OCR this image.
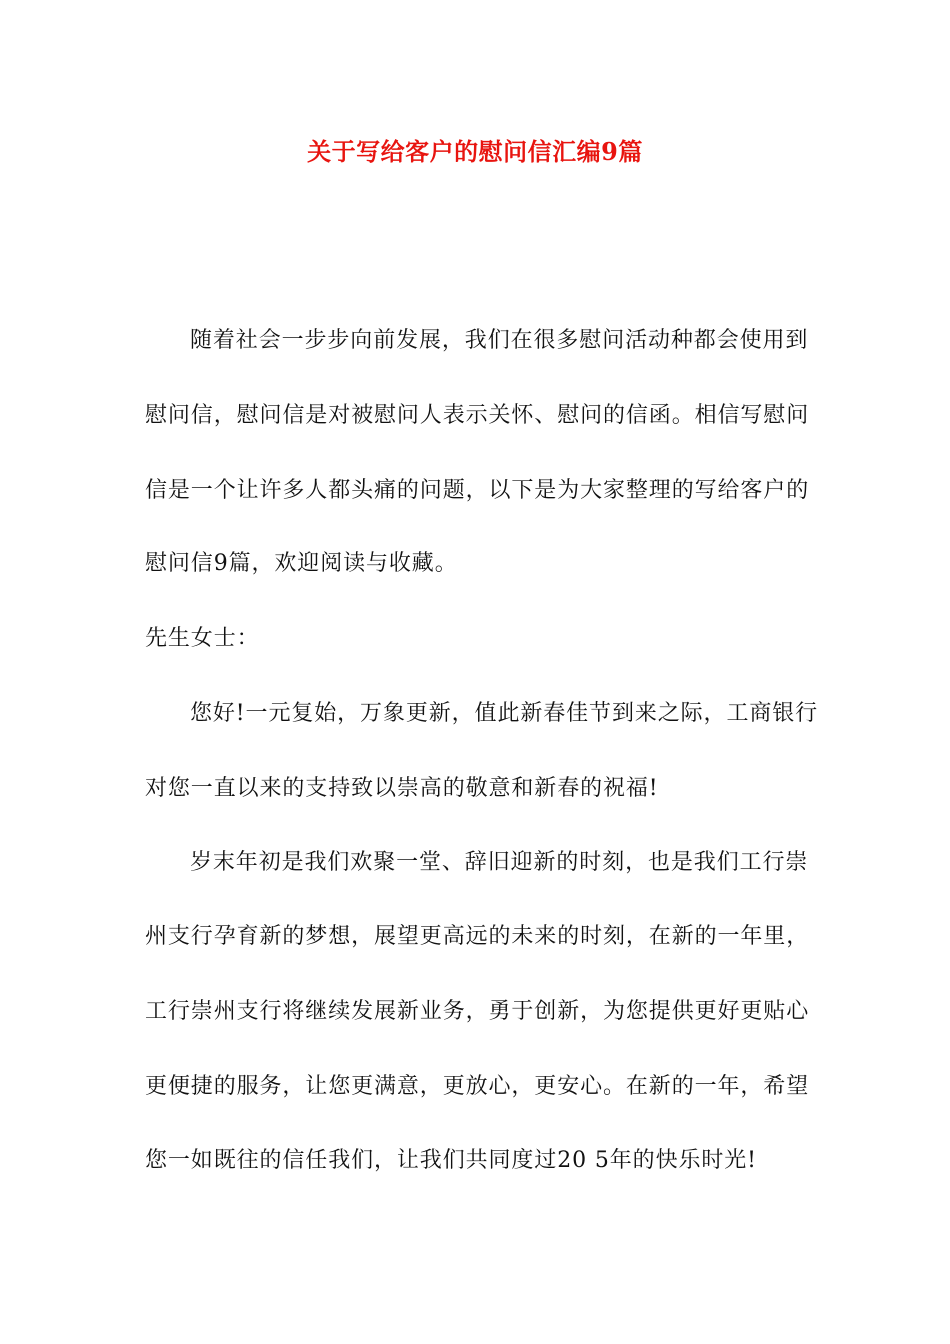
关于写给客户的慰问信汇编9篇
随着社会一步步向前发展，我们在很多慰问活动种都会使用到
慰问信，慰问信是对被慰问人表示关怀、慰问的信函。相信写慰问
信是一个让许多人都头痛的问题，以下是为大家整理的写给客户的
慰问信9篇，欢迎阅读与收藏。
先生女士：
您好!一元复始，万象更新，值此新春佳节到来之际，工商银行
对您一直以来的支持致以崇高的敬意和新春的祝福!
岁末年初是我们欢聚一堂、辞旧迎新的时刻，也是我们工行崇
州支行孕育新的梦想，展望更高远的未来的时刻，在新的一年里，
工行崇州支行将继续发展新业务，勇于创新，为您提供更好更贴心
更便捷的服务，让您更满意，更放心，更安心。在新的一年，希望
您一如既往的信任我们，让我们共同度过20 5年的快乐时光!
